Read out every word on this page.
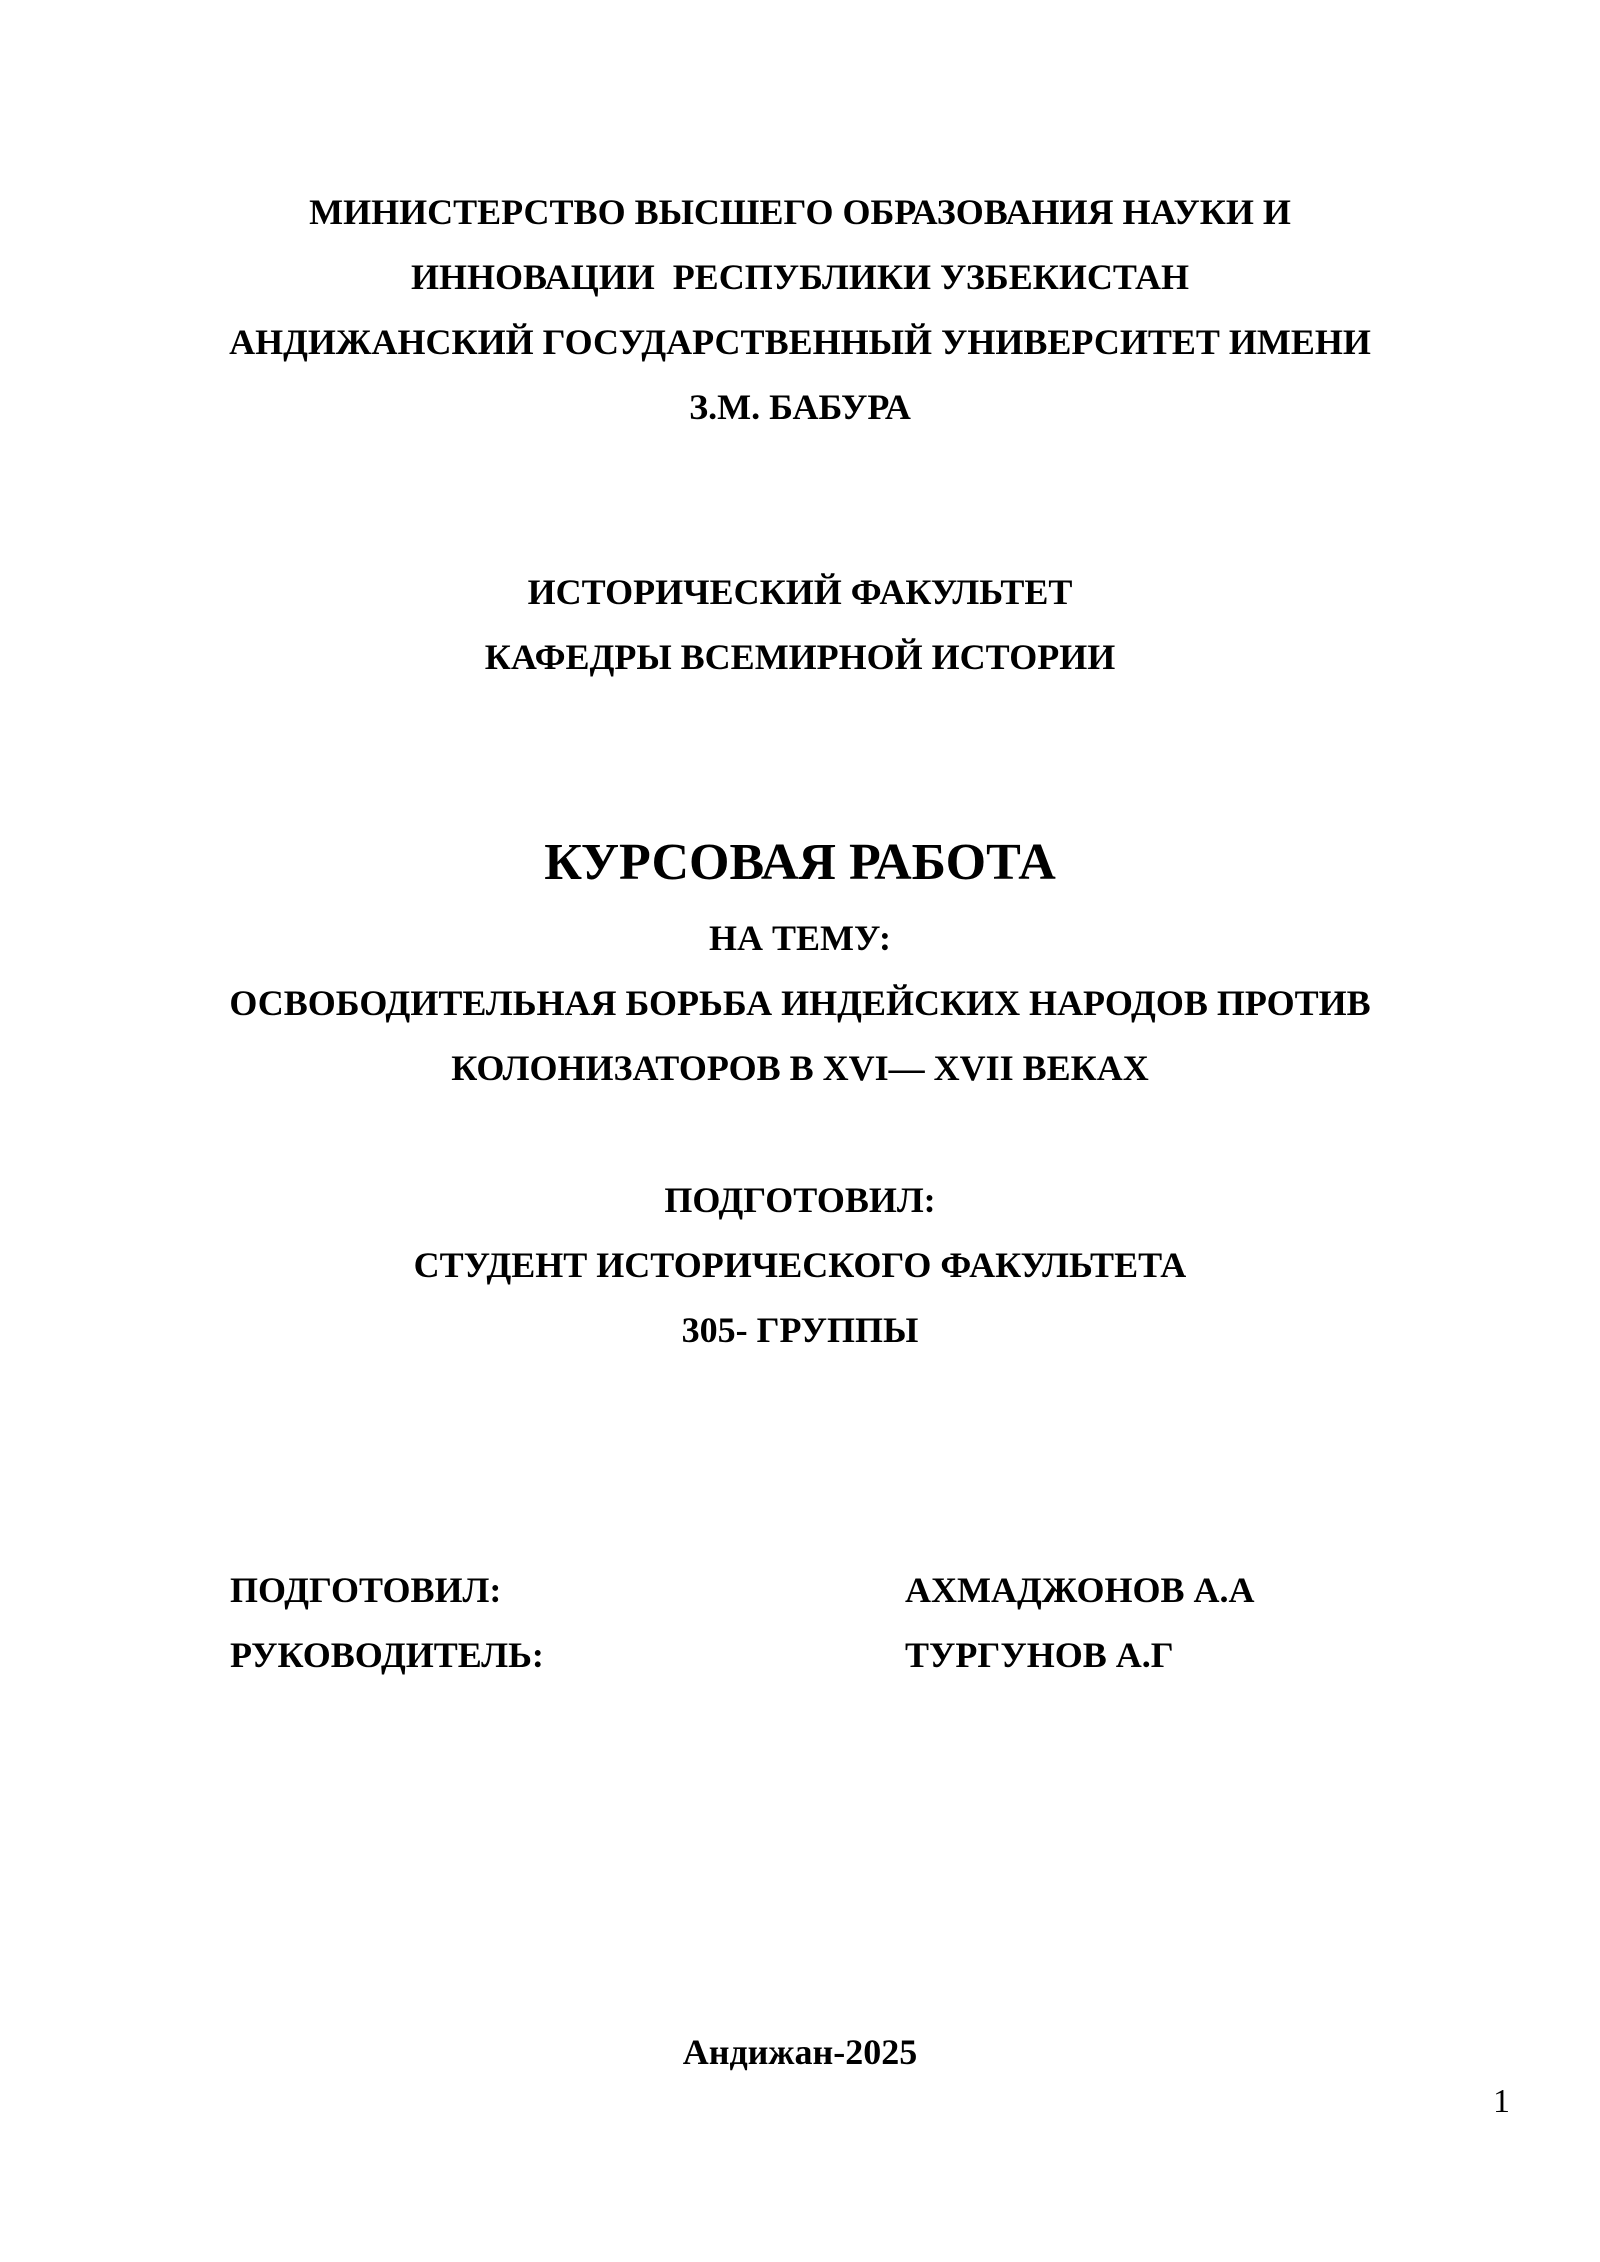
МИНИСТЕРСТВО ВЫСШЕГО ОБРАЗОВАНИЯ НАУКИ И
ИННОВАЦИИ  РЕСПУБЛИКИ УЗБЕКИСТАН
АНДИЖАНСКИЙ ГОСУДАРСТВЕННЫЙ УНИВЕРСИТЕТ ИМЕНИ
З.М. БАБУРА
ИСТОРИЧЕСКИЙ ФАКУЛЬТЕТ
КАФЕДРЫ ВСЕМИРНОЙ ИСТОРИИ
КУРСОВАЯ РАБОТА
НА ТЕМУ:
ОСВОБОДИТЕЛЬНАЯ БОРЬБА ИНДЕЙСКИХ НАРОДОВ ПРОТИВ
КОЛОНИЗАТОРОВ В XVI— XVII ВЕКАХ
ПОДГОТОВИЛ:
СТУДЕНТ ИСТОРИЧЕСКОГО ФАКУЛЬТЕТА
305- ГРУППЫ
ПОДГОТОВИЛ:	АХМАДЖОНОВ А.А
РУКОВОДИТЕЛЬ:	ТУРГУНОВ А.Г
Андижан-2025
1
